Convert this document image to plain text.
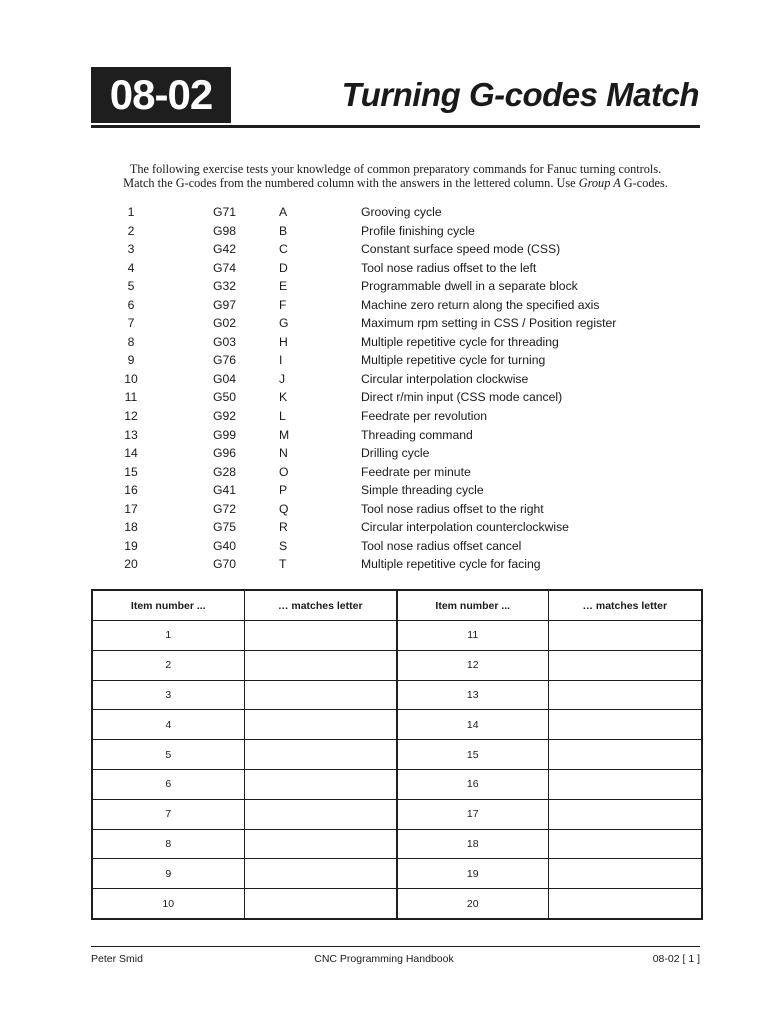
08-02	Turning G-codes Match
The following exercise tests your knowledge of common preparatory commands for Fanuc turning controls.
Match the G-codes from the numbered column with the answers in the lettered column. Use Group A G-codes.
1	G71	A	Grooving cycle
2	G98	B	Profile finishing cycle
3	G42	C	Constant surface speed mode (CSS)
4	G74	D	Tool nose radius offset to the left
5	G32	E	Programmable dwell in a separate block
6	G97	F	Machine zero return along the specified axis
7	G02	G	Maximum rpm setting in CSS / Position register
8	G03	H	Multiple repetitive cycle for threading
9	G76	I	Multiple repetitive cycle for turning
10	G04	J	Circular interpolation clockwise
11	G50	K	Direct r/min input (CSS mode cancel)
12	G92	L	Feedrate per revolution
13	G99	M	Threading command
14	G96	N	Drilling cycle
15	G28	O	Feedrate per minute
16	G41	P	Simple threading cycle
17	G72	Q	Tool nose radius offset to the right
18	G75	R	Circular interpolation counterclockwise
19	G40	S	Tool nose radius offset cancel
20	G70	T	Multiple repetitive cycle for facing
Item number ...	… matches letter	Item number ...	… matches letter
1		11	
2		12	
3		13	
4		14	
5		15	
6		16	
7		17	
8		18	
9		19	
10		20	
Peter Smid	CNC Programming Handbook	08-02 [ 1 ]
